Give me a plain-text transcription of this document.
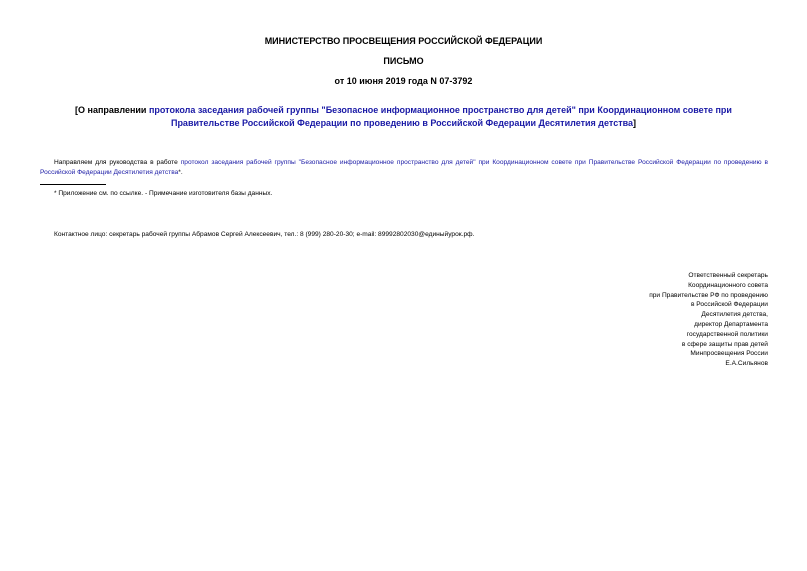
МИНИСТЕРСТВО ПРОСВЕЩЕНИЯ РОССИЙСКОЙ ФЕДЕРАЦИИ
ПИСЬМО
от 10 июня 2019 года N 07-3792
[О направлении протокола заседания рабочей группы "Безопасное информационное пространство для детей" при Координационном совете при Правительстве Российской Федерации по проведению в Российской Федерации Десятилетия детства]
Направляем для руководства в работе протокол заседания рабочей группы "Безопасное информационное пространство для детей" при Координационном совете при Правительстве Российской Федерации по проведению в Российской Федерации Десятилетия детства*.
* Приложение см. по ссылке. - Примечание изготовителя базы данных.
Контактное лицо: секретарь рабочей группы Абрамов Сергей Алексеевич, тел.: 8 (999) 280-20-30; e-mail: 89992802030@единыйурок.рф.
Ответственный секретарь
Координационного совета
при Правительстве РФ по проведению
в Российской Федерации
Десятилетия детства,
директор Департамента
государственной политики
в сфере защиты прав детей
Минпросвещения России
Е.А.Сильянов
